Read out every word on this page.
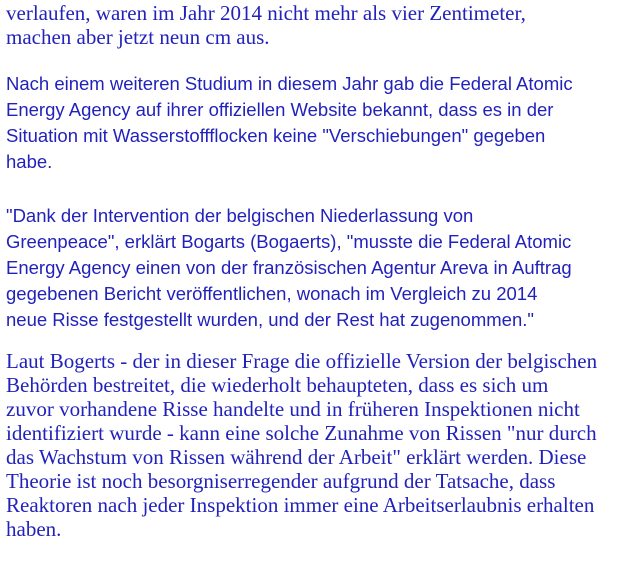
verlaufen, waren im Jahr 2014 nicht mehr als vier Zentimeter,
machen aber jetzt neun cm aus.

Nach einem weiteren Studium in diesem Jahr gab die Federal Atomic
Energy Agency auf ihrer offiziellen Website bekannt, dass es in der
Situation mit Wasserstoffflocken keine "Verschiebungen" gegeben
habe.

"Dank der Intervention der belgischen Niederlassung von
Greenpeace", erklärt Bogarts (Bogaerts), "musste die Federal Atomic
Energy Agency einen von der französischen Agentur Areva in Auftrag
gegebenen Bericht veröffentlichen, wonach im Vergleich zu 2014
neue Risse festgestellt wurden, und der Rest hat zugenommen."

Laut Bogerts - der in dieser Frage die offizielle Version der belgischen
Behörden bestreitet, die wiederholt behaupteten, dass es sich um
zuvor vorhandene Risse handelte und in früheren Inspektionen nicht
identifiziert wurde - kann eine solche Zunahme von Rissen "nur durch
das Wachstum von Rissen während der Arbeit" erklärt werden. Diese
Theorie ist noch besorgniserregender aufgrund der Tatsache, dass
Reaktoren nach jeder Inspektion immer eine Arbeitserlaubnis erhalten
haben.
